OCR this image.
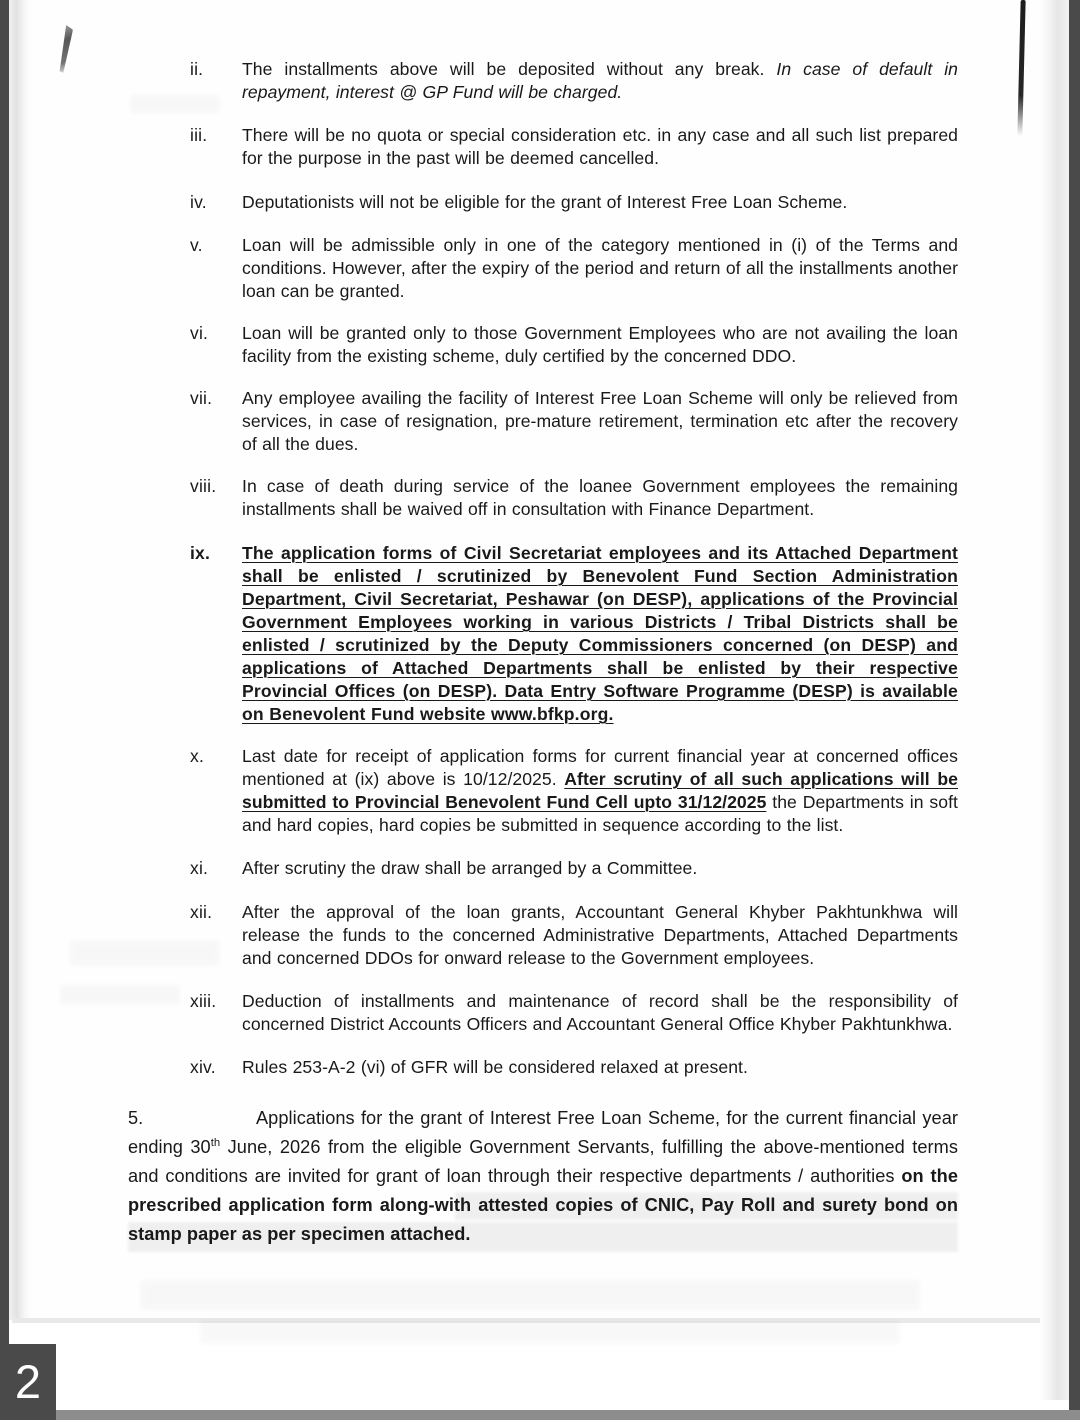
ii.	The installments above will be deposited without any break. In case of default in repayment, interest @ GP Fund will be charged.
iii.	There will be no quota or special consideration etc. in any case and all such list prepared for the purpose in the past will be deemed cancelled.
iv.	Deputationists will not be eligible for the grant of Interest Free Loan Scheme.
v.	Loan will be admissible only in one of the category mentioned in (i) of the Terms and conditions. However, after the expiry of the period and return of all the installments another loan can be granted.
vi.	Loan will be granted only to those Government Employees who are not availing the loan facility from the existing scheme, duly certified by the concerned DDO.
vii.	Any employee availing the facility of Interest Free Loan Scheme will only be relieved from services, in case of resignation, pre-mature retirement, termination etc after the recovery of all the dues.
viii.	In case of death during service of the loanee Government employees the remaining installments shall be waived off in consultation with Finance Department.
ix.	The application forms of Civil Secretariat employees and its Attached Department shall be enlisted / scrutinized by Benevolent Fund Section Administration Department, Civil Secretariat, Peshawar (on DESP), applications of the Provincial Government Employees working in various Districts / Tribal Districts shall be enlisted / scrutinized by the Deputy Commissioners concerned (on DESP) and applications of Attached Departments shall be enlisted by their respective Provincial Offices (on DESP). Data Entry Software Programme (DESP) is available on Benevolent Fund website www.bfkp.org.
x.	Last date for receipt of application forms for current financial year at concerned offices mentioned at (ix) above is 10/12/2025. After scrutiny of all such applications will be submitted to Provincial Benevolent Fund Cell upto 31/12/2025 the Departments in soft and hard copies, hard copies be submitted in sequence according to the list.
xi.	After scrutiny the draw shall be arranged by a Committee.
xii.	After the approval of the loan grants, Accountant General Khyber Pakhtunkhwa will release the funds to the concerned Administrative Departments, Attached Departments and concerned DDOs for onward release to the Government employees.
xiii.	Deduction of installments and maintenance of record shall be the responsibility of concerned District Accounts Officers and Accountant General Office Khyber Pakhtunkhwa.
xiv.	Rules 253-A-2 (vi) of GFR will be considered relaxed at present.
5.	Applications for the grant of Interest Free Loan Scheme, for the current financial year ending 30th June, 2026 from the eligible Government Servants, fulfilling the above-mentioned terms and conditions are invited for grant of loan through their respective departments / authorities on the prescribed application form along-with attested copies of CNIC, Pay Roll and surety bond on stamp paper as per specimen attached.
2
